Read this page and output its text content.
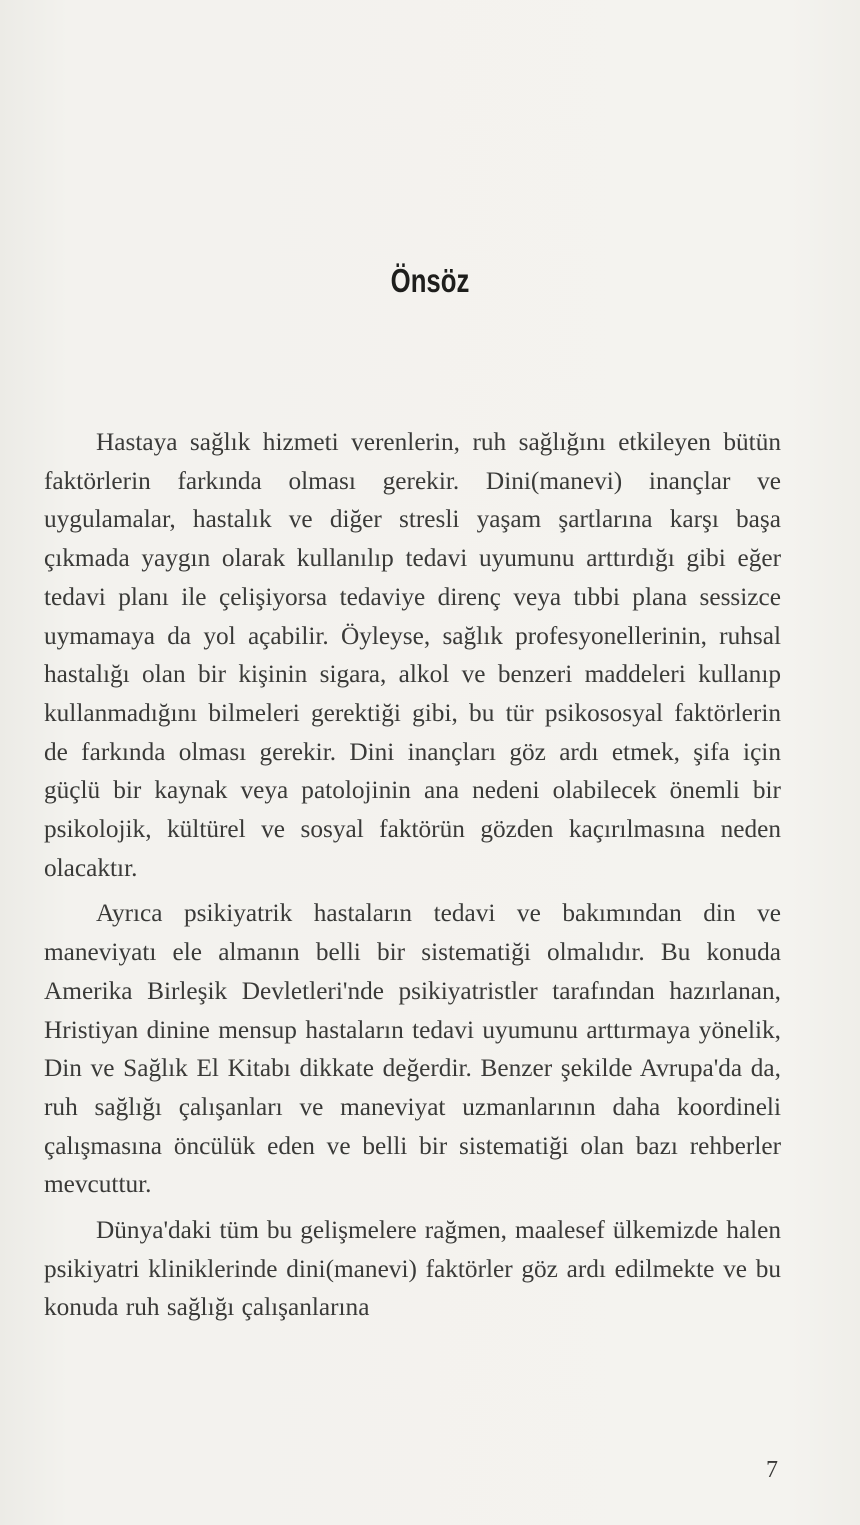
Önsöz

Hastaya sağlık hizmeti verenlerin, ruh sağlığını etkileyen bütün faktörlerin farkında olması gerekir. Dini(manevi) inançlar ve uygulamalar, hastalık ve diğer stresli yaşam şartlarına karşı başa çıkmada yaygın olarak kullanılıp tedavi uyumunu arttırdığı gibi eğer tedavi planı ile çelişiyorsa tedaviye direnç veya tıbbi plana sessizce uymamaya da yol açabilir. Öyleyse, sağlık profesyonellerinin, ruhsal hastalığı olan bir kişinin sigara, alkol ve benzeri maddeleri kullanıp kullanmadığını bilmeleri gerektiği gibi, bu tür psikososyal faktörlerin de farkında olması gerekir. Dini inançları göz ardı etmek, şifa için güçlü bir kaynak veya patolojinin ana nedeni olabilecek önemli bir psikolojik, kültürel ve sosyal faktörün gözden kaçırılmasına neden olacaktır.

Ayrıca psikiyatrik hastaların tedavi ve bakımından din ve maneviyatı ele almanın belli bir sistematiği olmalıdır. Bu konuda Amerika Birleşik Devletleri'nde psikiyatristler tarafından hazırlanan, Hristiyan dinine mensup hastaların tedavi uyumunu arttırmaya yönelik, Din ve Sağlık El Kitabı dikkate değerdir. Benzer şekilde Avrupa'da da, ruh sağlığı çalışanları ve maneviyat uzmanlarının daha koordineli çalışmasına öncülük eden ve belli bir sistematiği olan bazı rehberler mevcuttur.

Dünya'daki tüm bu gelişmelere rağmen, maalesef ülkemizde halen psikiyatri kliniklerinde dini(manevi) faktörler göz ardı edilmekte ve bu konuda ruh sağlığı çalışanlarına

7
